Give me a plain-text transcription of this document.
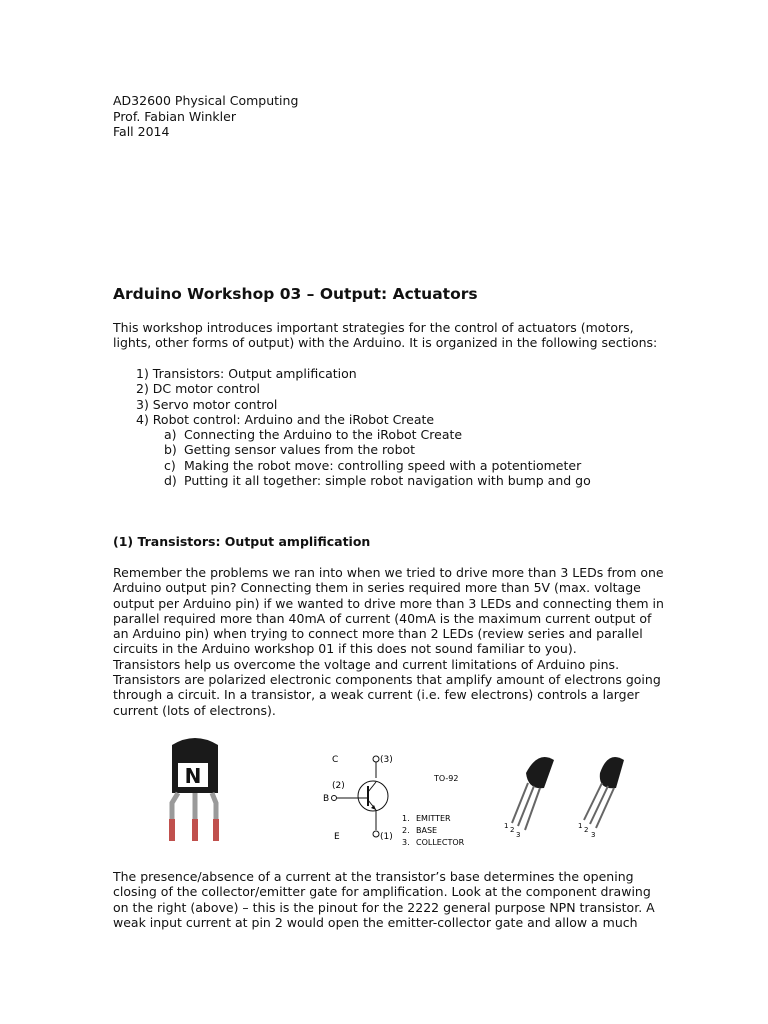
AD32600 Physical Computing
Prof. Fabian Winkler
Fall 2014
Arduino Workshop 03 – Output: Actuators
This workshop introduces important strategies for the control of actuators (motors,
lights, other forms of output) with the Arduino. It is organized in the following sections:
1) Transistors: Output amplification
2) DC motor control
3) Servo motor control
4) Robot control: Arduino and the iRobot Create
a) Connecting the Arduino to the iRobot Create
b) Getting sensor values from the robot
c) Making the robot move: controlling speed with a potentiometer
d) Putting it all together: simple robot navigation with bump and go
(1) Transistors: Output amplification
Remember the problems we ran into when we tried to drive more than 3 LEDs from one
Arduino output pin? Connecting them in series required more than 5V (max. voltage
output per Arduino pin) if we wanted to drive more than 3 LEDs and connecting them in
parallel required more than 40mA of current (40mA is the maximum current output of
an Arduino pin) when trying to connect more than 2 LEDs (review series and parallel
circuits in the Arduino workshop 01 if this does not sound familiar to you).
Transistors help us overcome the voltage and current limitations of Arduino pins.
Transistors are polarized electronic components that amplify amount of electrons going
through a circuit. In a transistor, a weak current (i.e. few electrons) controls a larger
current (lots of electrons).
N
C	(3)
(2)
B
E	(1)
1. EMITTER
2. BASE
3. COLLECTOR
TO-92
1 2
3
1 2
3
The presence/absence of a current at the transistor’s base determines the opening
closing of the collector/emitter gate for amplification. Look at the component drawing
on the right (above) – this is the pinout for the 2222 general purpose NPN transistor. A
weak input current at pin 2 would open the emitter-collector gate and allow a much
